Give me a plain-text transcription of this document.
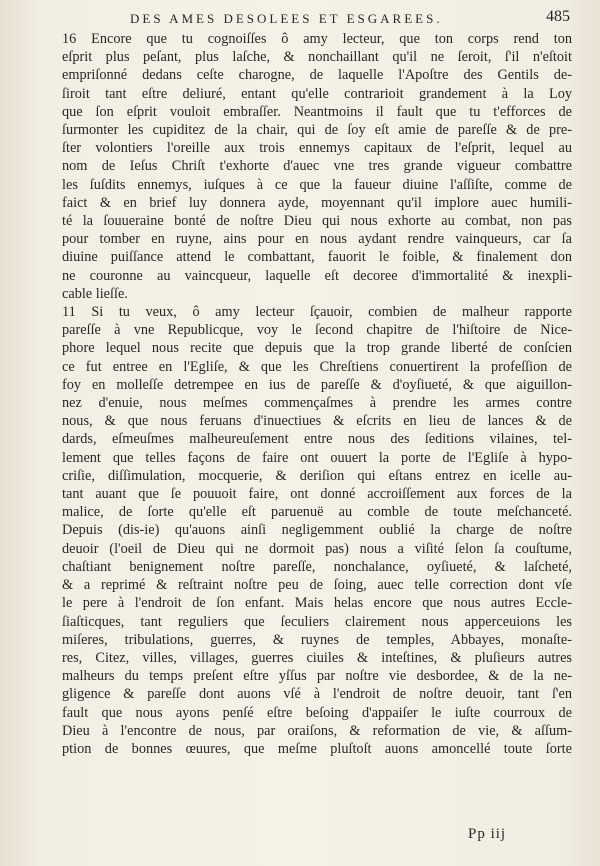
DES AMES DESOLEES ET ESGAREES.	485
16 Encore que tu cognoiſſes ô amy lecteur, que ton corps rend ton
eſprit plus peſant, plus laſche, & nonchaillant qu'il ne ſeroit, ſ'il n'eſtoit
empriſonné dedans ceſte charogne, de laquelle l'Apoſtre des Gentils de-
ſiroit tant eſtre deliuré, entant qu'elle contrarioit grandement à la Loy
que ſon eſprit vouloit embraſſer. Neantmoins il fault que tu t'efforces de
ſurmonter les cupiditez de la chair, qui de ſoy eſt amie de pareſſe & de pre-
ſter volontiers l'oreille aux trois ennemys capitaux de l'eſprit, lequel au
nom de Ieſus Chriſt t'exhorte d'auec vne tres grande vigueur combattre
les ſuſdits ennemys, iuſques à ce que la faueur diuine l'aſſiſte, comme de
faict & en brief luy donnera ayde, moyennant qu'il implore auec humili-
té la ſouueraine bonté de noſtre Dieu qui nous exhorte au combat, non pas
pour tomber en ruyne, ains pour en nous aydant rendre vainqueurs, car ſa
diuine puiſſance attend le combattant, fauorit le foible, & finalement don
ne couronne au vaincqueur, laquelle eſt decoree d'immortalité & inexpli-
cable lieſſe.
11 Si tu veux, ô amy lecteur ſçauoir, combien de malheur rapporte
pareſſe à vne Republicque, voy le ſecond chapitre de l'hiſtoire de Nice-
phore lequel nous recite que depuis que la trop grande liberté de conſcien
ce fut entree en l'Egliſe, & que les Chreſtiens conuertirent la profeſſion de
foy en molleſſe detrempee en ius de pareſſe & d'oyſiueté, & que aiguillon-
nez d'enuie, nous meſmes commençaſmes à prendre les armes contre
nous, & que nous feruans d'inuectiues & eſcrits en lieu de lances & de
dards, eſmeuſmes malheureuſement entre nous des ſeditions vilaines, tel-
lement que telles façons de faire ont ouuert la porte de l'Egliſe à hypo-
criſie, diſſimulation, mocquerie, & deriſion qui eſtans entrez en icelle au-
tant auant que ſe pouuoit faire, ont donné accroiſſement aux forces de la
malice, de ſorte qu'elle eſt paruenuë au comble de toute meſchanceté.
Depuis (dis-ie) qu'auons ainſi negligemment oublié la charge de noſtre
deuoir (l'oeil de Dieu qui ne dormoit pas) nous a viſité ſelon ſa couſtume,
chaſtiant benignement noſtre pareſſe, nonchalance, oyſiueté, & laſcheté,
& a reprimé & reſtraint noſtre peu de ſoing, auec telle correction dont vſe
le pere à l'endroit de ſon enfant. Mais helas encore que nous autres Eccle-
ſiaſticques, tant reguliers que ſeculiers clairement nous apperceuions les
miſeres, tribulations, guerres, & ruynes de temples, Abbayes, monaſte-
res, Citez, villes, villages, guerres ciuiles & inteſtines, & pluſieurs autres
malheurs du temps preſent eſtre yſſus par noſtre vie desbordee, & de la ne-
gligence & pareſſe dont auons vſé à l'endroit de noſtre deuoir, tant ſ'en
fault que nous ayons penſé eſtre beſoing d'appaiſer le iuſte courroux de
Dieu à l'encontre de nous, par oraiſons, & reformation de vie, & aſſum-
ption de bonnes œuures, que meſme pluſtoſt auons amoncellé toute ſorte
Pp iij
